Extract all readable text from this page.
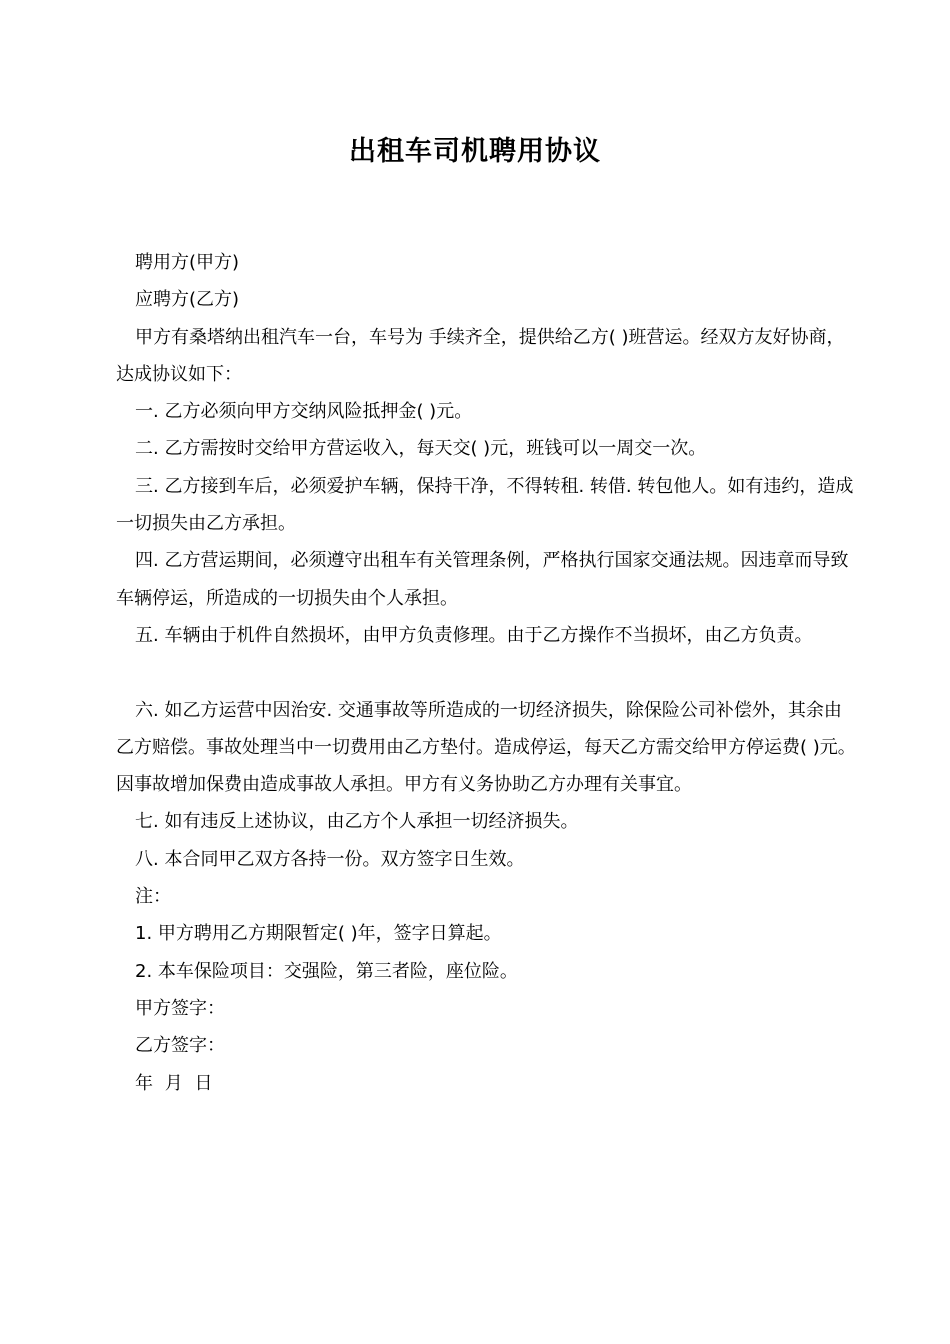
出租车司机聘用协议

聘用方(甲方)

应聘方(乙方)

甲方有桑塔纳出租汽车一台，车号为 手续齐全，提供给乙方( )班营运。经双方友好协商，达成协议如下：

一. 乙方必须向甲方交纳风险抵押金( )元。

二. 乙方需按时交给甲方营运收入，每天交( )元，班钱可以一周交一次。

三. 乙方接到车后，必须爱护车辆，保持干净，不得转租. 转借. 转包他人。如有违约，造成一切损失由乙方承担。

四. 乙方营运期间，必须遵守出租车有关管理条例，严格执行国家交通法规。因违章而导致车辆停运，所造成的一切损失由个人承担。

五. 车辆由于机件自然损坏，由甲方负责修理。由于乙方操作不当损坏，由乙方负责。

六. 如乙方运营中因治安. 交通事故等所造成的一切经济损失，除保险公司补偿外，其余由乙方赔偿。事故处理当中一切费用由乙方垫付。造成停运，每天乙方需交给甲方停运费( )元。因事故增加保费由造成事故人承担。甲方有义务协助乙方办理有关事宜。

七. 如有违反上述协议，由乙方个人承担一切经济损失。

八. 本合同甲乙双方各持一份。双方签字日生效。

注：

1. 甲方聘用乙方期限暂定( )年，签字日算起。

2. 本车保险项目：交强险，第三者险，座位险。

甲方签字：

乙方签字：

年 月 日
